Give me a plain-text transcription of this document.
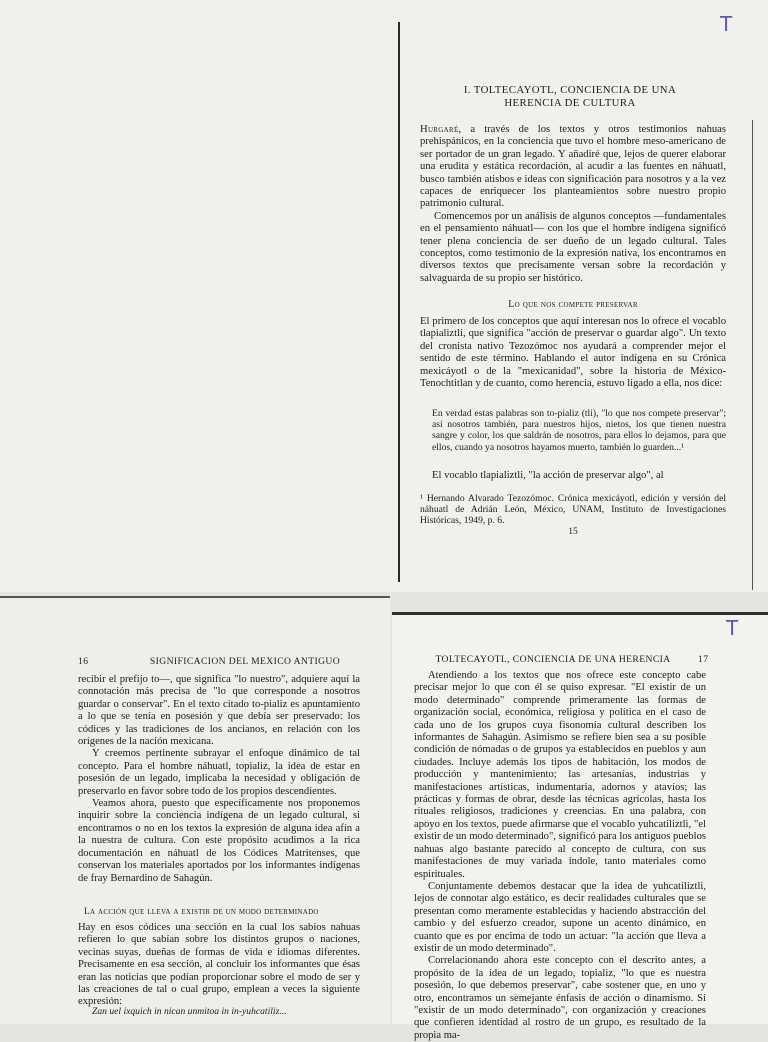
T
I. TOLTECAYOTL, CONCIENCIA DE UNA
HERENCIA DE CULTURA

Hurgaré, a través de los textos y otros testimonios nahuas prehispánicos, en la conciencia que tuvo el hombre meso-americano de ser portador de un gran legado. Y añadiré que, lejos de querer elaborar una erudita y estática recordación, al acudir a las fuentes en náhuatl, busco también atisbos e ideas con significación para nosotros y a la vez capaces de enriquecer los planteamientos sobre nuestro propio patrimonio cultural.

Comencemos por un análisis de algunos conceptos —fundamentales en el pensamiento náhuatl— con los que el hombre indígena significó tener plena conciencia de ser dueño de un legado cultural. Tales conceptos, como testimonio de la expresión nativa, los encontramos en diversos textos que precisamente versan sobre la recordación y salvaguarda de su propio ser histórico.

Lo que nos compete preservar

El primero de los conceptos que aquí interesan nos lo ofrece el vocablo tlapializtli, que significa "acción de preservar o guardar algo". Un texto del cronista nativo Tezozómoc nos ayudará a comprender mejor el sentido de este término. Hablando el autor indígena en su Crónica mexicáyotl o de la "mexicanidad", sobre la historia de México-Tenochtitlan y de cuanto, como herencia, estuvo ligado a ella, nos dice:

En verdad estas palabras son to-pializ (tli), "lo que nos compete preservar"; así nosotros también, para nuestros hijos, nietos, los que tienen nuestra sangre y color, los que saldrán de nosotros, para ellos lo dejamos, para que ellos, cuando ya nosotros hayamos muerto, también lo guarden...¹
El vocablo tlapializtli, "la acción de preservar algo", al
¹ Hernando Alvarado Tezozómoc. Crónica mexicáyotl, edición y versión del náhuatl de Adrián León, México, UNAM, Instituto de Investigaciones Históricas, 1949, p. 6.
15
16	SIGNIFICACION DEL MEXICO ANTIGUO

recibir el prefijo to—, que significa "lo nuestro", adquiere aquí la connotación más precisa de "lo que corresponde a nosotros guardar o conservar". En el texto citado to-pializ es apuntamiento a lo que se tenía en posesión y que debía ser preservado: los códices y las tradiciones de los ancianos, en relación con los orígenes de la nación mexicana.

Y creemos pertinente subrayar el enfoque dinámico de tal concepto. Para el hombre náhuatl, topializ, la idea de estar en posesión de un legado, implicaba la necesidad y obligación de preservarlo en favor sobre todo de los propios descendientes.

Veamos ahora, puesto que específicamente nos proponemos inquirir sobre la conciencia indígena de un legado cultural, si encontramos o no en los textos la expresión de alguna idea afín a la nuestra de cultura. Con este propósito acudimos a la rica documentación en náhuatl de los Códices Matritenses, que conservan los materiales aportados por los informantes indígenas de fray Bernardino de Sahagún.

La acción que lleva a existir de un modo determinado

Hay en esos códices una sección en la cual los sabios nahuas refieren lo que sabían sobre los distintos grupos o naciones, vecinas suyas, dueñas de formas de vida e idiomas diferentes. Precisamente en esa sección, al concluir los informantes que ésas eran las noticias que podían proporcionar sobre el modo de ser y las creaciones de tal o cual grupo, emplean a veces la siguiente expresión:

Zan uel ixquich in nican unmitoa in in-yuhcatiliz...
T
TOLTECAYOTL, CONCIENCIA DE UNA HERENCIA	17

Atendiendo a los textos que nos ofrece este concepto cabe precisar mejor lo que con él se quiso expresar. "El existir de un modo determinado" comprende primeramente las formas de organización social, económica, religiosa y política en el caso de cada uno de los grupos cuya fisonomía cultural describen los informantes de Sahagún. Asimismo se refiere bien sea a su posible condición de nómadas o de grupos ya establecidos en pueblos y aun ciudades. Incluye además los tipos de habitación, los modos de producción y mantenimiento; las artesanías, industrias y manifestaciones artísticas, indumentaria, adornos y atavíos; las prácticas y formas de obrar, desde las técnicas agrícolas, hasta los rituales religiosos, tradiciones y creencias. En una palabra, con apoyo en los textos, puede afirmarse que el vocablo yuhcatiliztli, "el existir de un modo determinado", significó para los antiguos pueblos nahuas algo bastante parecido al concepto de cultura, con sus manifestaciones de muy variada índole, tanto materiales como espirituales.

Conjuntamente debemos destacar que la idea de yuhcatiliztli, lejos de connotar algo estático, es decir realidades culturales que se presentan como meramente establecidas y haciendo abstracción del cambio y del esfuerzo creador, supone un acento dinámico, en cuanto que es por encima de todo un actuar: "la acción que lleva a existir de un modo determinado".

Correlacionando ahora este concepto con el descrito antes, a propósito de la idea de un legado, topializ, "lo que es nuestra posesión, lo que debemos preservar", cabe sostener que, en uno y otro, encontramos un semejante énfasis de acción o dinamismo. Si "existir de un modo determinado", con organización y creaciones que confieren identidad al rostro de un grupo, es resultado de la propia ma-
